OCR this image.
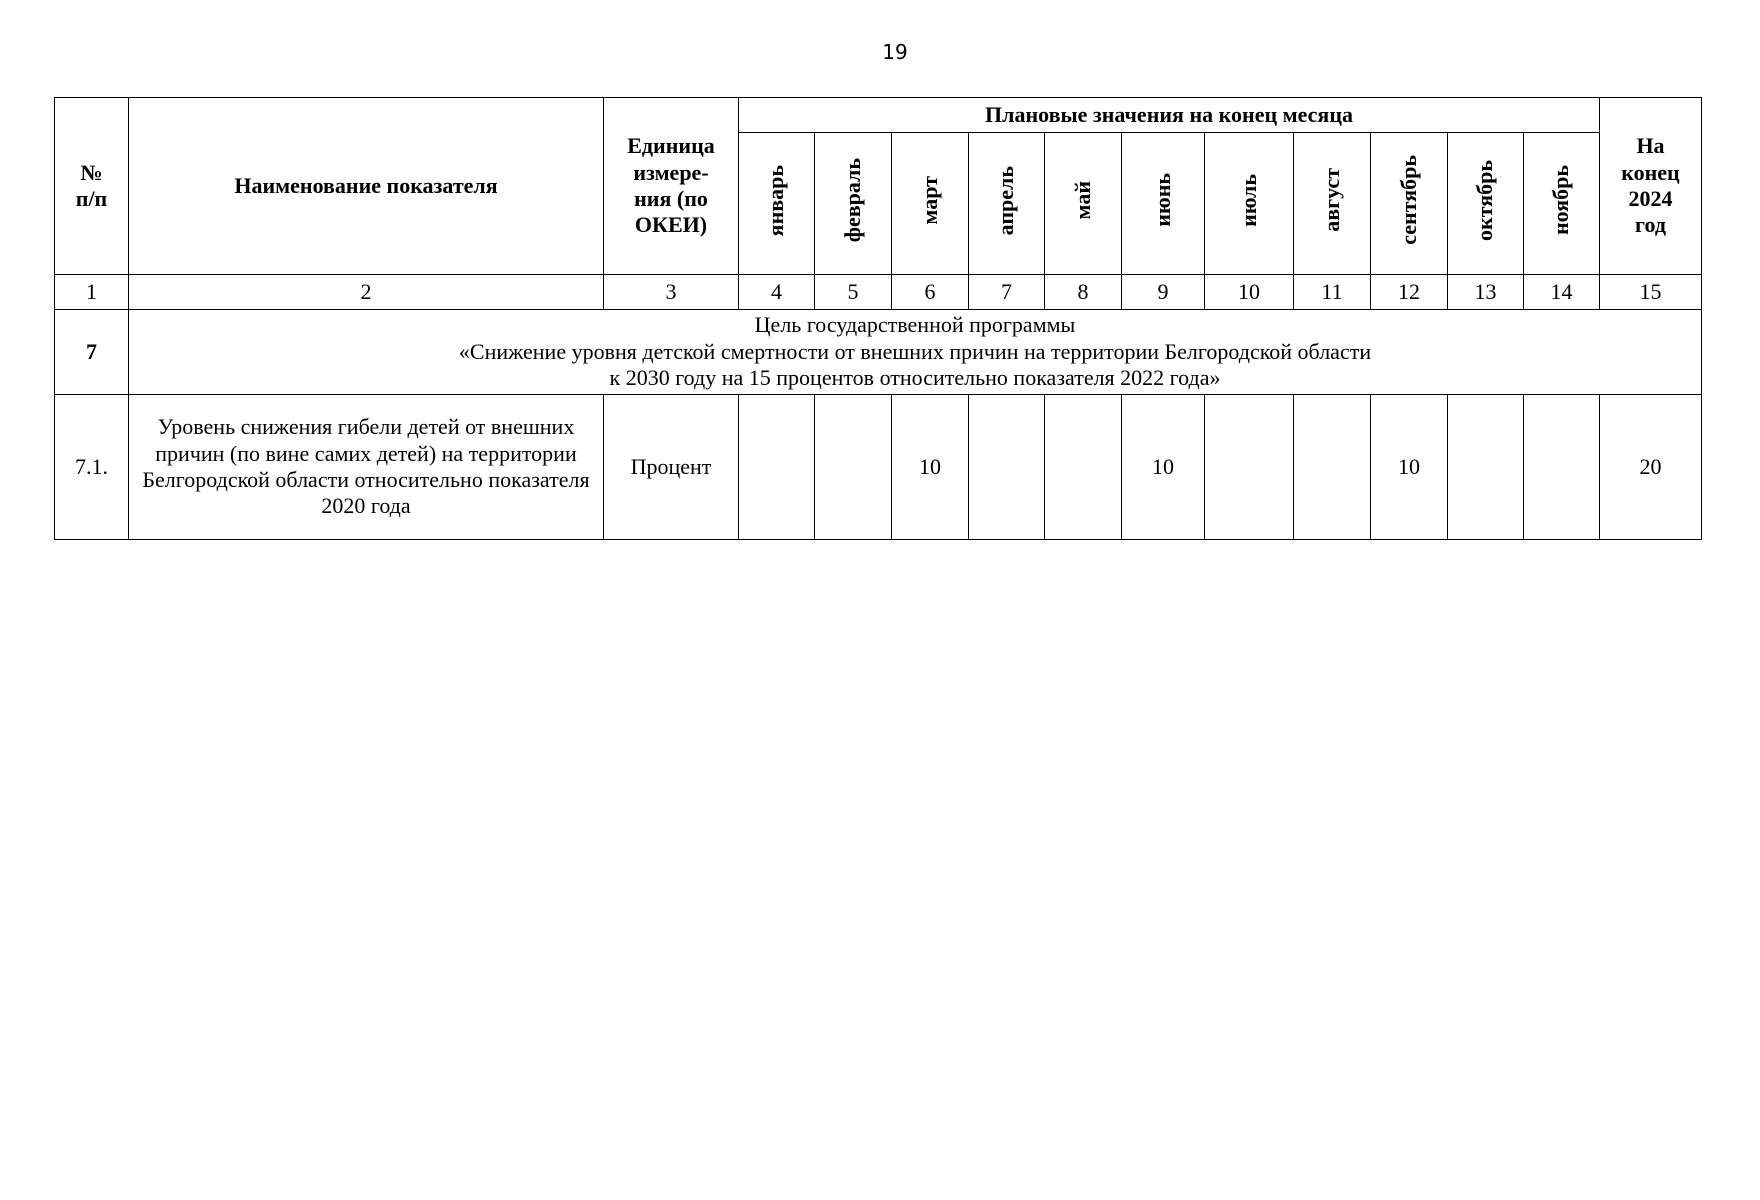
19
№ п/п	Наименование показателя	Единица измере-ния (по ОКЕИ)	Плановые значения на конец месяца											На конец 2024 год
			январь	февраль	март	апрель	май	июнь	июль	август	сентябрь	октябрь	ноябрь	
1	2	3	4	5	6	7	8	9	10	11	12	13	14	15
7	Цель государственной программы
«Снижение уровня детской смертности от внешних причин на территории Белгородской области
к 2030 году на 15 процентов относительно показателя 2022 года»													

7.1.	Уровень снижения гибели детей от внешних причин (по вине самих детей) на территории Белгородской области относительно показателя 2020 года	Процент			10			10			10			20
